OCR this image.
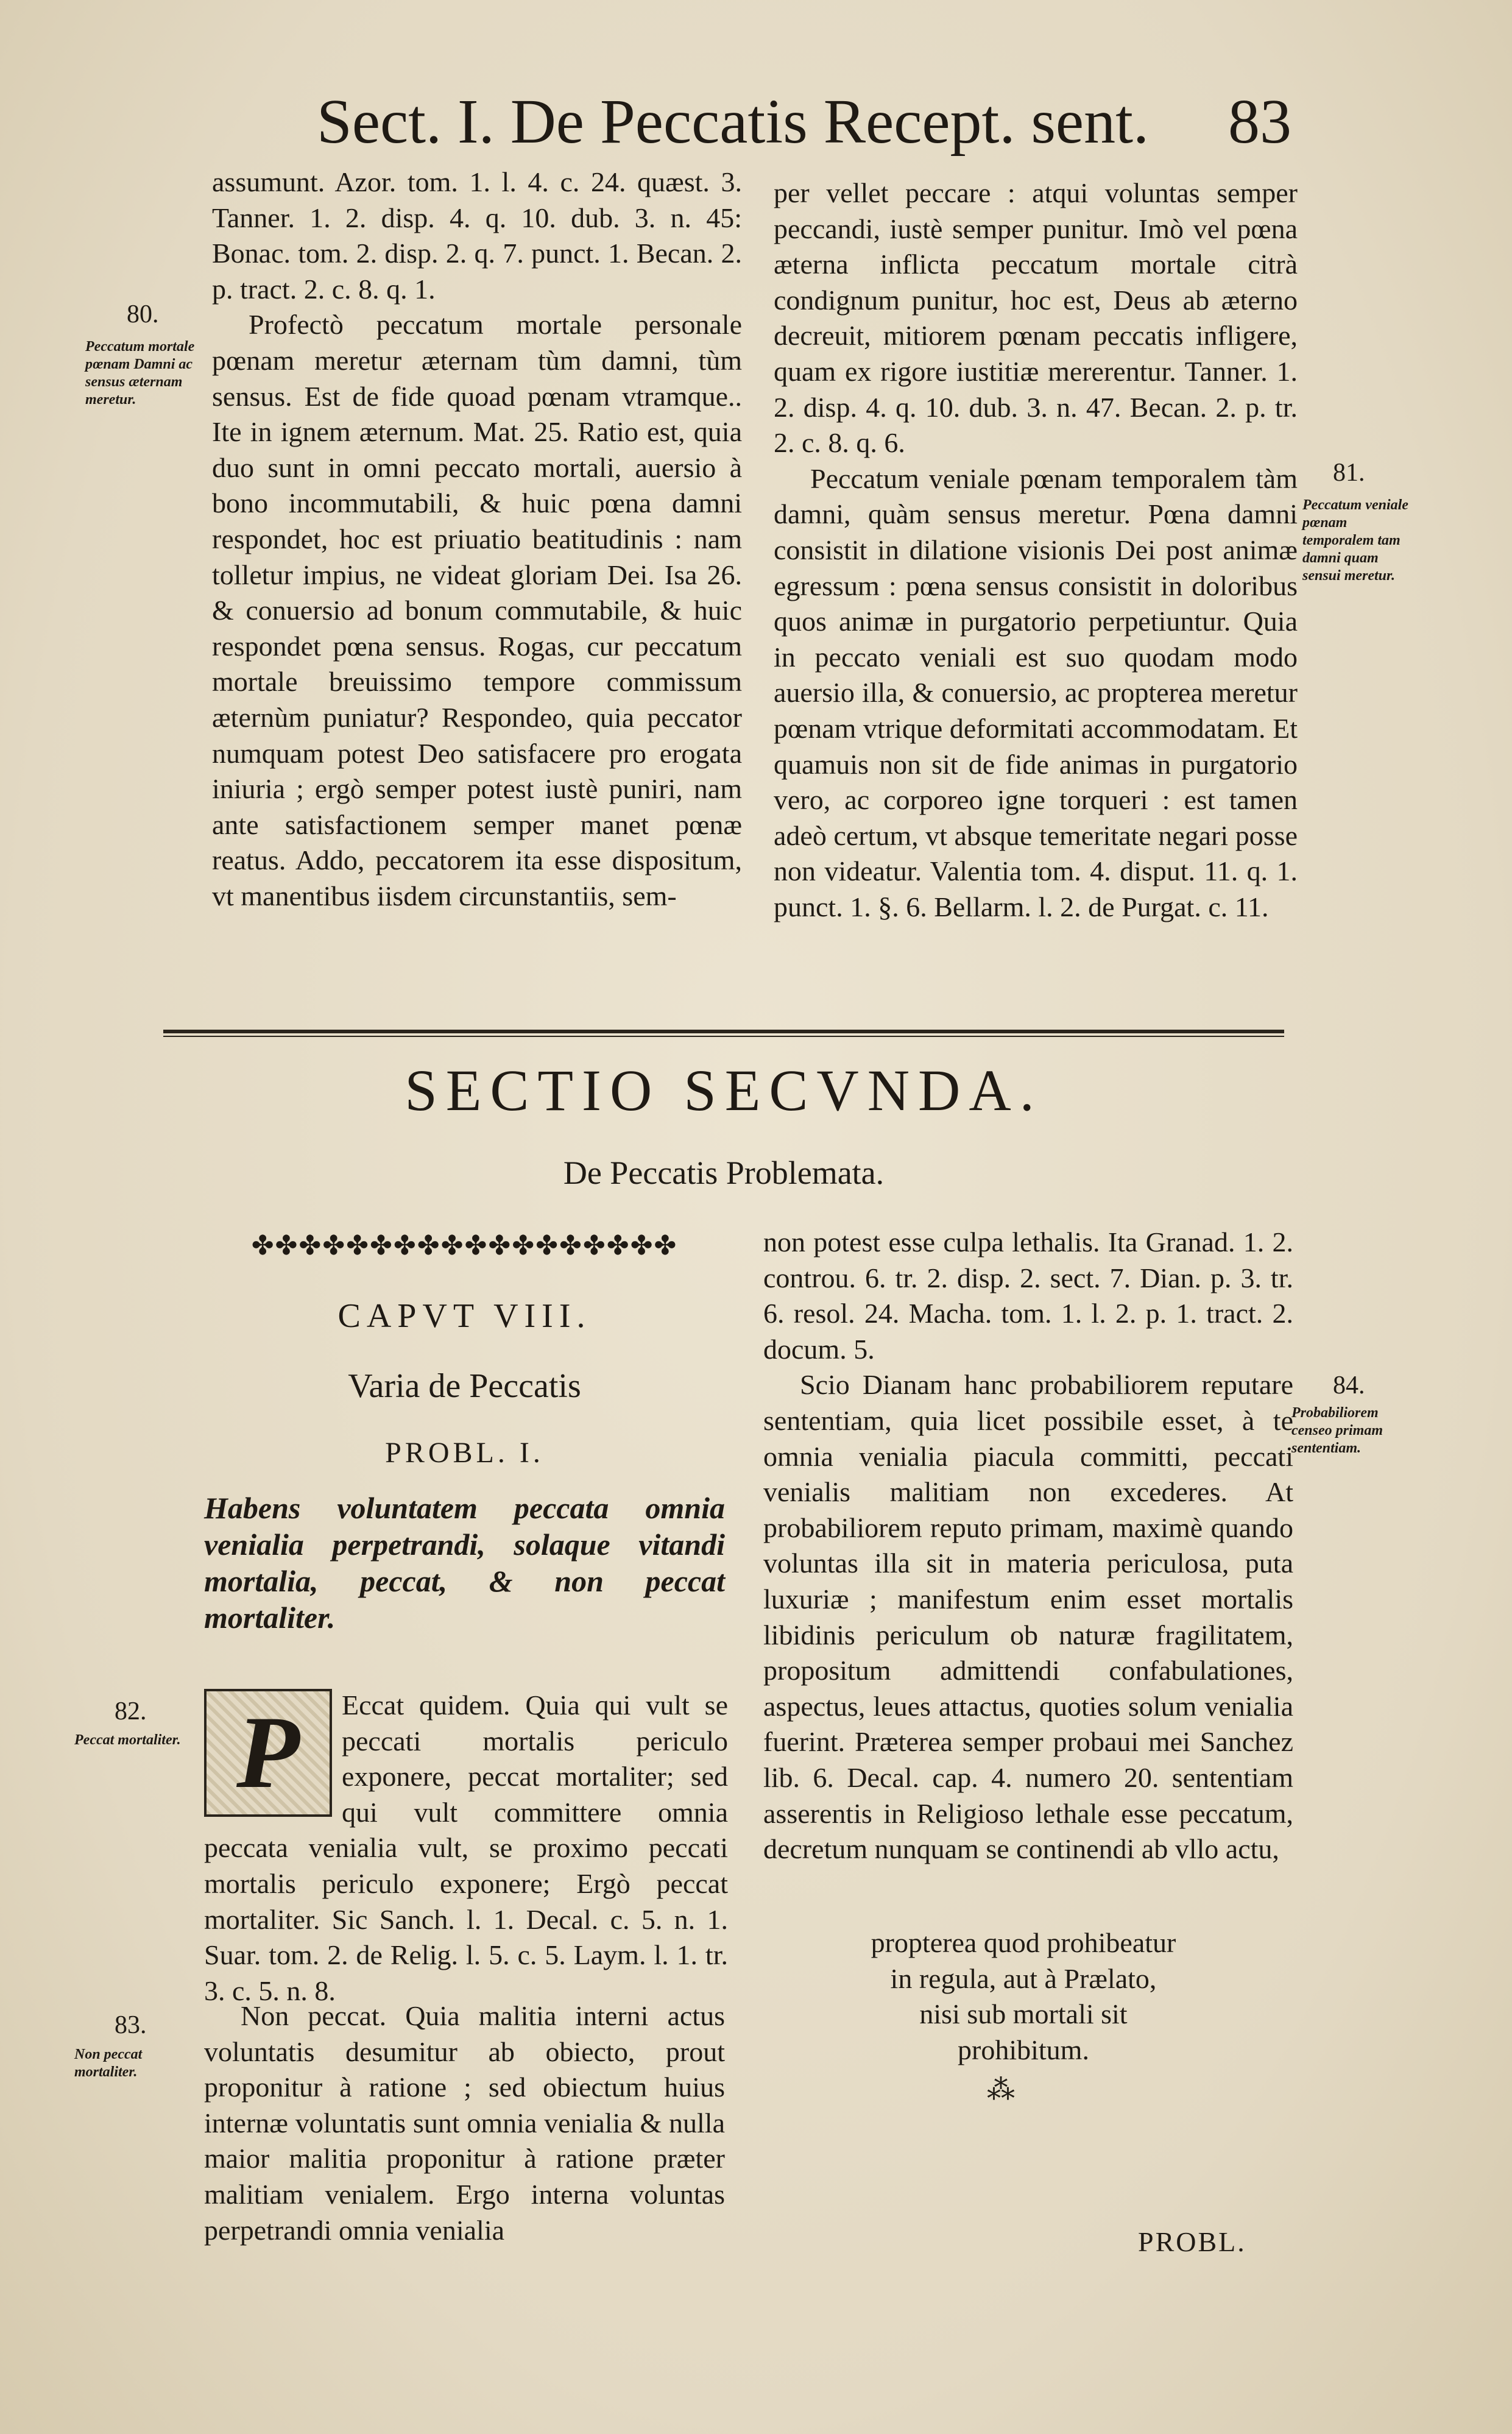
Sect. I. De Peccatis Recept. sent. 83

assumunt. Azor. tom. 1. l. 4. c. 24. quæst. 3. Tanner. 1. 2. disp. 4. q. 10. dub. 3. n. 45: Bonac. tom. 2. disp. 2. q. 7. punct. 1. Becan. 2. p. tract. 2. c. 8. q. 1.

Profectò peccatum mortale personale pœnam meretur æternam tùm damni, tùm sensus. Est de fide quoad pœnam vtramque.. Ite in ignem æternum. Mat. 25. Ratio est, quia duo sunt in omni peccato mortali, auersio à bono incommutabili, & huic pœna damni respondet, hoc est priuatio beatitudinis : nam tolletur impius, ne videat gloriam Dei. Isa 26. & conuersio ad bonum commutabile, & huic respondet pœna sensus. Rogas, cur peccatum mortale breuissimo tempore commissum æternùm puniatur? Respondeo, quia peccator numquam potest Deo satisfacere pro erogata iniuria ; ergò semper potest iustè puniri, nam ante satisfactionem semper manet pœnæ reatus. Addo, peccatorem ita esse dispositum, vt manentibus iisdem circunstantiis, sem-

80.
Peccatum mortale pœnam Damni ac sensus æternam meretur.

per vellet peccare : atqui voluntas semper peccandi, iustè semper punitur. Imò vel pœna æterna inflicta peccatum mortale citrà condignum punitur, hoc est, Deus ab æterno decreuit, mitiorem pœnam peccatis infligere, quam ex rigore iustitiæ mererentur. Tanner. 1. 2. disp. 4. q. 10. dub. 3. n. 47. Becan. 2. p. tr. 2. c. 8. q. 6.

Peccatum veniale pœnam temporalem tàm damni, quàm sensus meretur. Pœna damni consistit in dilatione visionis Dei post animæ egressum : pœna sensus consistit in doloribus quos animæ in purgatorio perpetiuntur. Quia in peccato veniali est suo quodam modo auersio illa, & conuersio, ac propterea meretur pœnam vtrique deformitati accommodatam. Et quamuis non sit de fide animas in purgatorio vero, ac corporeo igne torqueri : est tamen adeò certum, vt absque temeritate negari posse non videatur. Valentia tom. 4. disput. 11. q. 1. punct. 1. §. 6. Bellarm. l. 2. de Purgat. c. 11.

81.
Peccatum veniale pœnam temporalem tam damni quam sensui meretur.
SECTIO SECVNDA.
De Peccatis Problemata.
✤✤✤✤✤✤✤✤✤✤✤✤✤✤✤✤✤✤
CAPVT VIII.
Varia de Peccatis
PROBL. I.
Habens voluntatem peccata omnia venialia perpetrandi, solaque vitandi mortalia, peccat, & non peccat mortaliter.
82.
Peccat mortaliter. P	Eccat quidem. Quia qui vult se peccati mortalis periculo exponere, peccat mortaliter; sed qui vult committere omnia peccata venialia vult, se proximo peccati mortalis periculo exponere; Ergò peccat mortaliter. Sic Sanch. l. 1. Decal. c. 5. n. 1. Suar. tom. 2. de Relig. l. 5. c. 5. Laym. l. 1. tr. 3. c. 5. n. 8.
83.
Non peccat mortaliter.

Non peccat. Quia malitia interni actus voluntatis desumitur ab obiecto, prout proponitur à ratione ; sed obiectum huius internæ voluntatis sunt omnia venialia & nulla maior malitia proponitur à ratione præter malitiam venialem. Ergo interna voluntas perpetrandi omnia venialia

non potest esse culpa lethalis. Ita Granad. 1. 2. controu. 6. tr. 2. disp. 2. sect. 7. Dian. p. 3. tr. 6. resol. 24. Macha. tom. 1. l. 2. p. 1. tract. 2. docum. 5.

Scio Dianam hanc probabiliorem reputare sententiam, quia licet possibile esset, à te omnia venialia piacula committi, peccati venialis malitiam non excederes. At probabiliorem reputo primam, maximè quando voluntas illa sit in materia periculosa, puta luxuriæ ; manifestum enim esset mortalis libidinis periculum ob naturæ fragilitatem, propositum admittendi confabulationes, aspectus, leues attactus, quoties solum venialia fuerint. Præterea semper probaui mei Sanchez lib. 6. Decal. cap. 4. numero 20. sententiam asserentis in Religioso lethale esse peccatum, decretum nunquam se continendi ab vllo actu,

84.
Probabiliorem censeo primam sententiam.
propterea quod prohibeatur
in regula, aut à Prælato,
nisi sub mortali sit
prohibitum.
⁂
PROBL.
